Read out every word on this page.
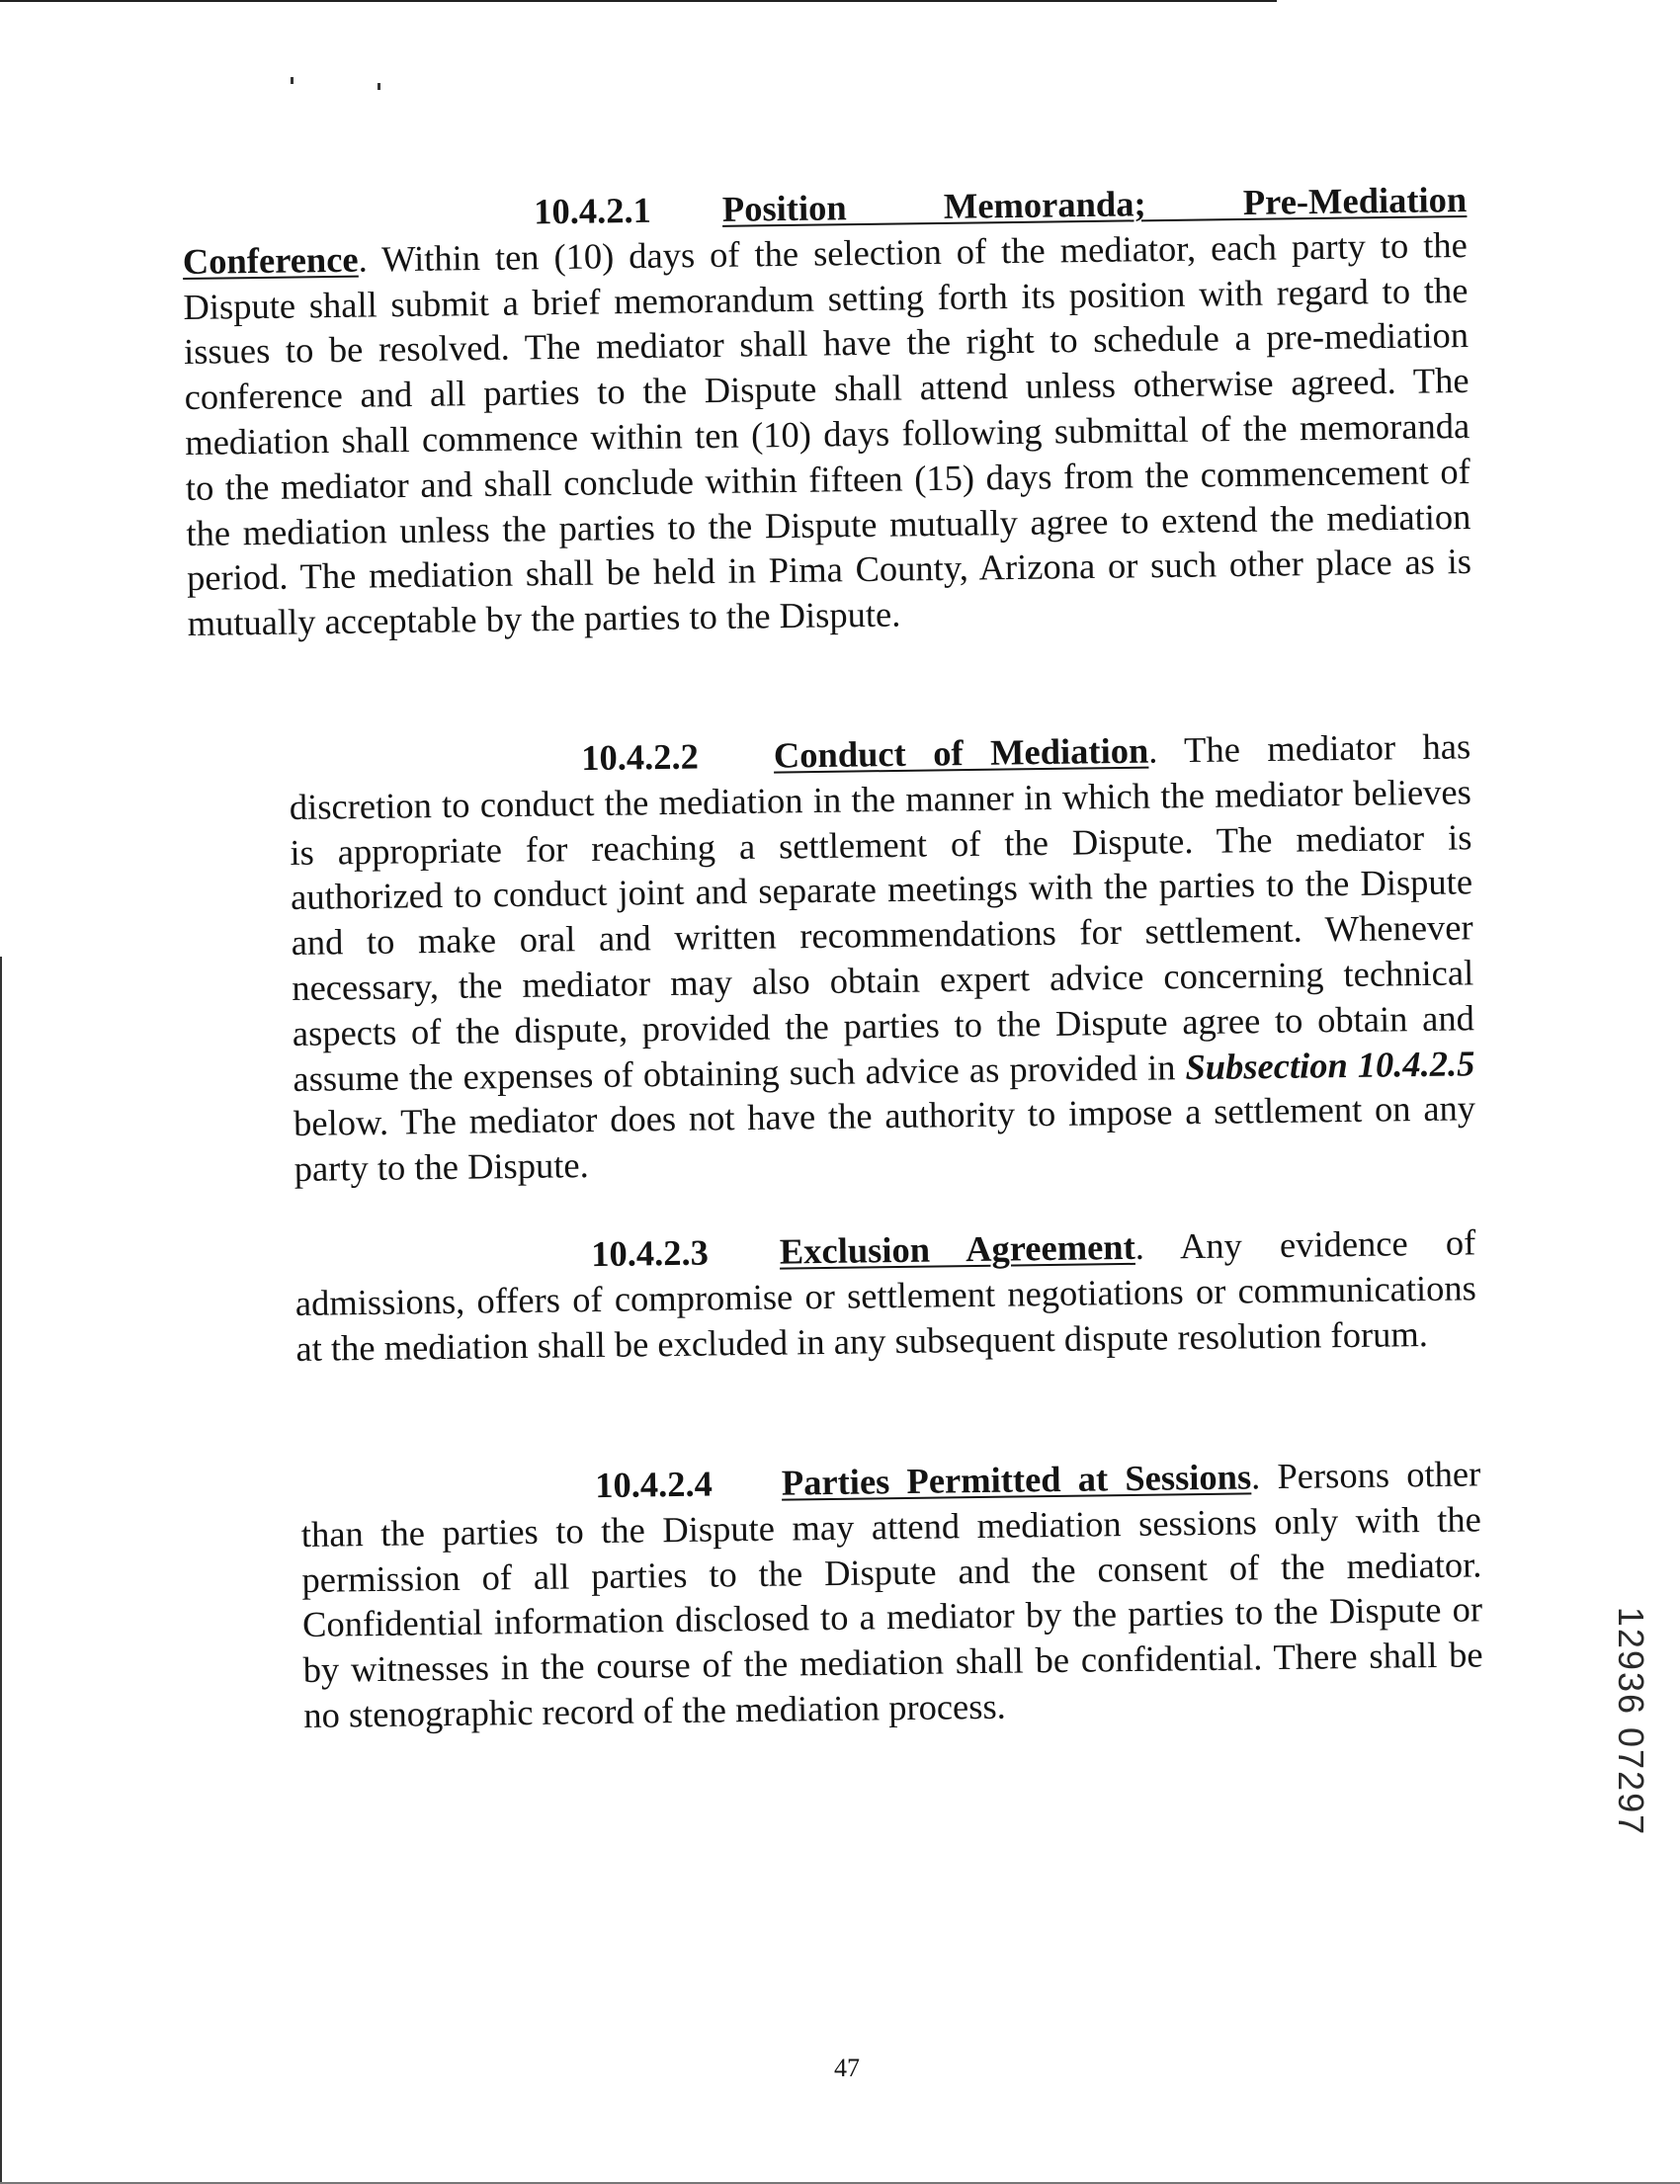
10.4.2.1 Position Memoranda; Pre-Mediation Conference. Within ten (10) days of the selection of the mediator, each party to the Dispute shall submit a brief memorandum setting forth its position with regard to the issues to be resolved. The mediator shall have the right to schedule a pre-mediation conference and all parties to the Dispute shall attend unless otherwise agreed. The mediation shall commence within ten (10) days following submittal of the memoranda to the mediator and shall conclude within fifteen (15) days from the commencement of the mediation unless the parties to the Dispute mutually agree to extend the mediation period. The mediation shall be held in Pima County, Arizona or such other place as is mutually acceptable by the parties to the Dispute.

10.4.2.2 Conduct of Mediation. The mediator has discretion to conduct the mediation in the manner in which the mediator believes is appropriate for reaching a settlement of the Dispute. The mediator is authorized to conduct joint and separate meetings with the parties to the Dispute and to make oral and written recommendations for settlement. Whenever necessary, the mediator may also obtain expert advice concerning technical aspects of the dispute, provided the parties to the Dispute agree to obtain and assume the expenses of obtaining such advice as provided in Subsection 10.4.2.5 below. The mediator does not have the authority to impose a settlement on any party to the Dispute.

10.4.2.3 Exclusion Agreement. Any evidence of admissions, offers of compromise or settlement negotiations or communications at the mediation shall be excluded in any subsequent dispute resolution forum.

10.4.2.4 Parties Permitted at Sessions. Persons other than the parties to the Dispute may attend mediation sessions only with the permission of all parties to the Dispute and the consent of the mediator. Confidential information disclosed to a mediator by the parties to the Dispute or by witnesses in the course of the mediation shall be confidential. There shall be no stenographic record of the mediation process.	12936 07297
47
